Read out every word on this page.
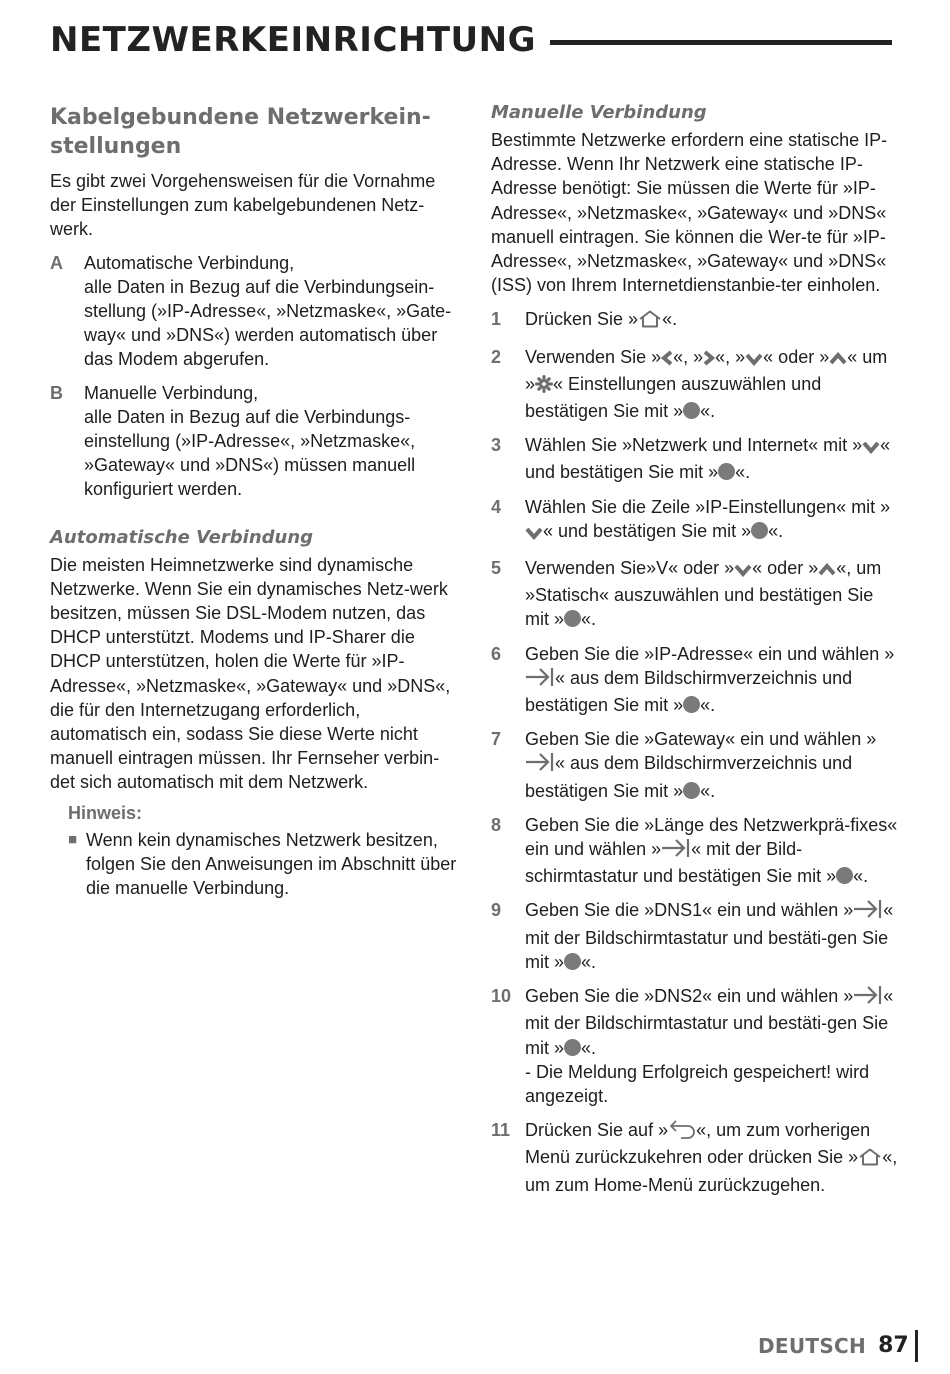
NETZWERKEINRICHTUNG
Kabelgebundene Netzwerkein-
stellungen
Es gibt zwei Vorgehensweisen für die Vornahme der Einstellungen zum kabelgebundenen Netz-werk.
A	Automatische Verbindung,
alle Daten in Bezug auf die Verbindungsein-stellung (»IP-Adresse«, »Netzmaske«, »Gate-way« und »DNS«) werden automatisch über das Modem abgerufen.
B	Manuelle Verbindung,
alle Daten in Bezug auf die Verbindungs-einstellung (»IP-Adresse«, »Netzmaske«, »Gateway« und »DNS«) müssen manuell konfiguriert werden.
Automatische Verbindung
Die meisten Heimnetzwerke sind dynamische Netzwerke. Wenn Sie ein dynamisches Netz-werk besitzen, müssen Sie DSL-Modem nutzen, das DHCP unterstützt. Modems und IP-Sharer die DHCP unterstützen, holen die Werte für »IP-Adresse«, »Netzmaske«, »Gateway« und »DNS«, die für den Internetzugang erforderlich, automatisch ein, sodass Sie diese Werte nicht manuell eintragen müssen. Ihr Fernseher verbin-det sich automatisch mit dem Netzwerk.
Hinweis:
■ Wenn kein dynamisches Netzwerk besitzen, folgen Sie den Anweisungen im Abschnitt über die manuelle Verbindung.
Manuelle Verbindung
Bestimmte Netzwerke erfordern eine statische IP-Adresse. Wenn Ihr Netzwerk eine statische IP-Adresse benötigt: Sie müssen die Werte für »IP-Adresse«, »Netzmaske«, »Gateway« und »DNS« manuell eintragen. Sie können die Wer-te für »IP-Adresse«, »Netzmaske«, »Gateway« und »DNS« (ISS) von Ihrem Internetdienstanbie-ter einholen.
1	Drücken Sie » «.
2	Verwenden Sie » «, » «, » « oder » « um » « Einstellungen auszuwählen und bestätigen Sie mit » «.
3	Wählen Sie »Netzwerk und Internet« mit » « und bestätigen Sie mit » «.
4	Wählen Sie die Zeile »IP-Einstellungen« mit »« und bestätigen Sie mit » «.
5	Verwenden Sie»V« oder » « oder » «, um »Statisch« auszuwählen und bestätigen Sie mit » «.
6	Geben Sie die »IP-Adresse« ein und wählen »« aus dem Bildschirmverzeichnis und bestätigen Sie mit » «.
7	Geben Sie die »Gateway« ein und wählen »« aus dem Bildschirmverzeichnis und bestätigen Sie mit » «.
8	Geben Sie die »Länge des Netzwerkprä-fixes« ein und wählen » « mit der Bild-schirmtastatur und bestätigen Sie mit » «.
9	Geben Sie die »DNS1« ein und wählen » « mit der Bildschirmtastatur und bestäti-gen Sie mit » «.
10 Geben Sie die »DNS2« ein und wählen » « mit der Bildschirmtastatur und bestäti-gen Sie mit » «.
- Die Meldung Erfolgreich gespeichert! wird angezeigt.
11 Drücken Sie auf » «, um zum vorherigen Menü zurückzukehren oder drücken Sie » «, um zum Home-Menü zurückzugehen.
DEUTSCH 87
